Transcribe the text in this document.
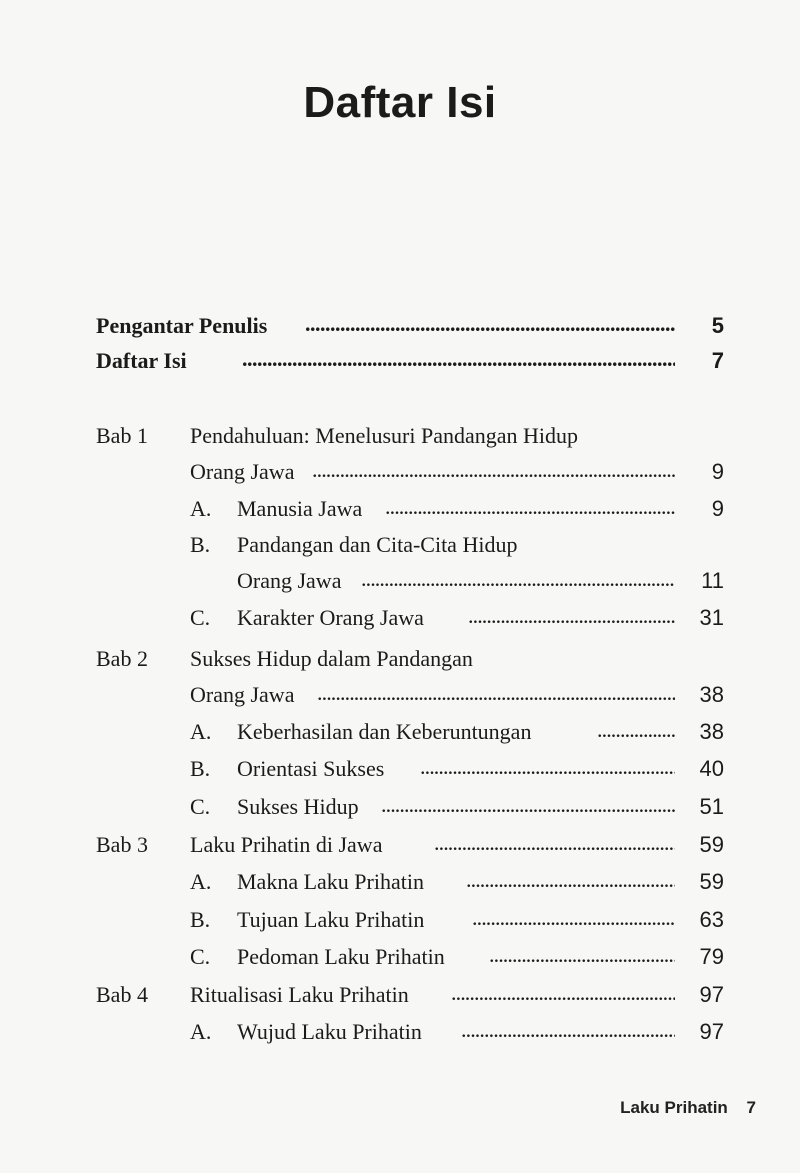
Daftar Isi
Pengantar Penulis . . .	5
Daftar Isi . . .	7
Bab 1 Pendahuluan: Menelusuri Pandangan Hidup
Orang Jawa . . .	9
A. Manusia Jawa . . .	9
B. Pandangan dan Cita-Cita Hidup
Orang Jawa . . .	11
C. Karakter Orang Jawa . . .	31
Bab 2 Sukses Hidup dalam Pandangan
Orang Jawa . . .	38
A. Keberhasilan dan Keberuntungan . . .	38
B. Orientasi Sukses . . .	40
C. Sukses Hidup . . .	51
Bab 3 Laku Prihatin di Jawa . . .	59
A. Makna Laku Prihatin . . .	59
B. Tujuan Laku Prihatin . . .	63
C. Pedoman Laku Prihatin . . .	79
Bab 4 Ritualisasi Laku Prihatin . . .	97
A. Wujud Laku Prihatin . . .	97
Laku Prihatin 7
